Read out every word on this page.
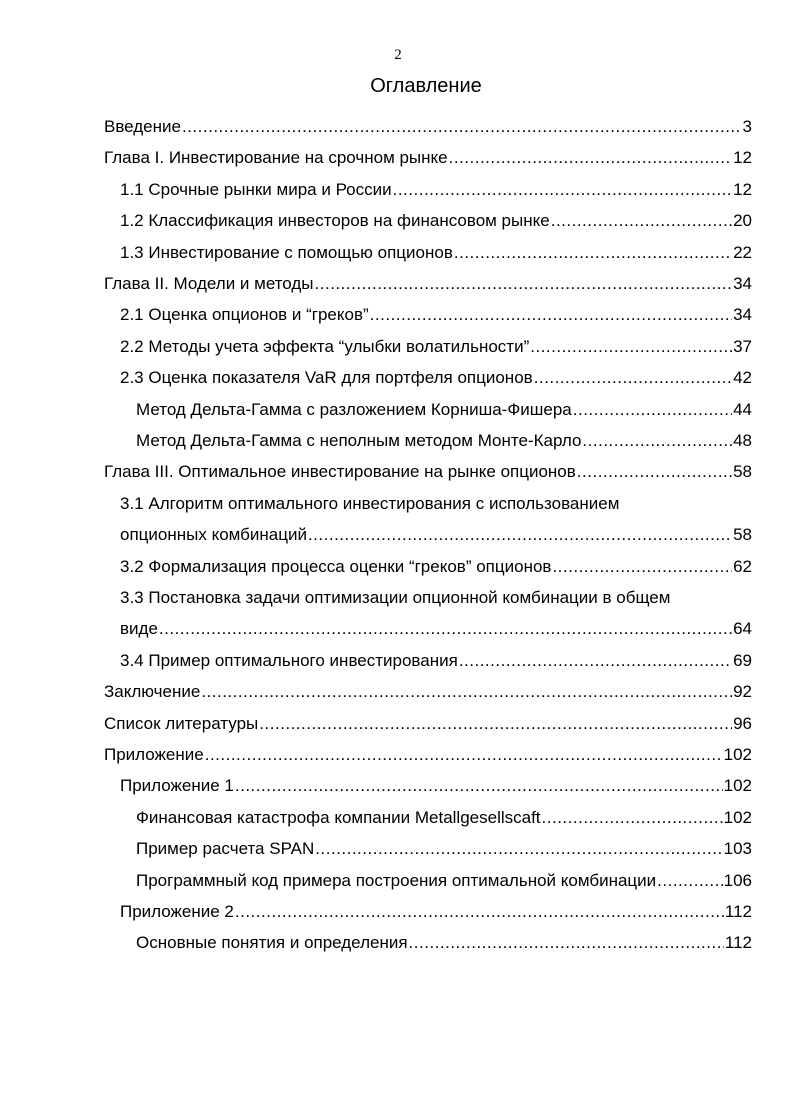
2
Оглавление
Введение .....	3
Глава I. Инвестирование на срочном рынке .....	12
1.1 Срочные рынки мира и России .....	12
1.2 Классификация инвесторов на финансовом рынке .....	20
1.3 Инвестирование с помощью опционов .....	22
Глава II. Модели и методы .....	34
2.1 Оценка опционов и “греков” .....	34
2.2 Методы учета эффекта “улыбки волатильности” .....	37
2.3 Оценка показателя VaR для портфеля опционов .....	42
Метод Дельта-Гамма с разложением Корниша-Фишера .....	44
Метод Дельта-Гамма с неполным методом Монте-Карло .....	48
Глава III. Оптимальное инвестирование на рынке опционов .....	58
3.1 Алгоритм оптимального инвестирования с использованием
опционных комбинаций .....	58
3.2 Формализация процесса оценки “греков” опционов .....	62
3.3 Постановка задачи оптимизации опционной комбинации в общем
виде .....	64
3.4 Пример оптимального инвестирования .....	69
Заключение .....	92
Список литературы .....	96
Приложение .....	102
Приложение 1 .....	102
Финансовая катастрофа компании Metallgesellscaft .....	102
Пример расчета SPAN .....	103
Программный код примера построения оптимальной комбинации .....	106
Приложение 2 .....	112
Основные понятия и определения .....	112
